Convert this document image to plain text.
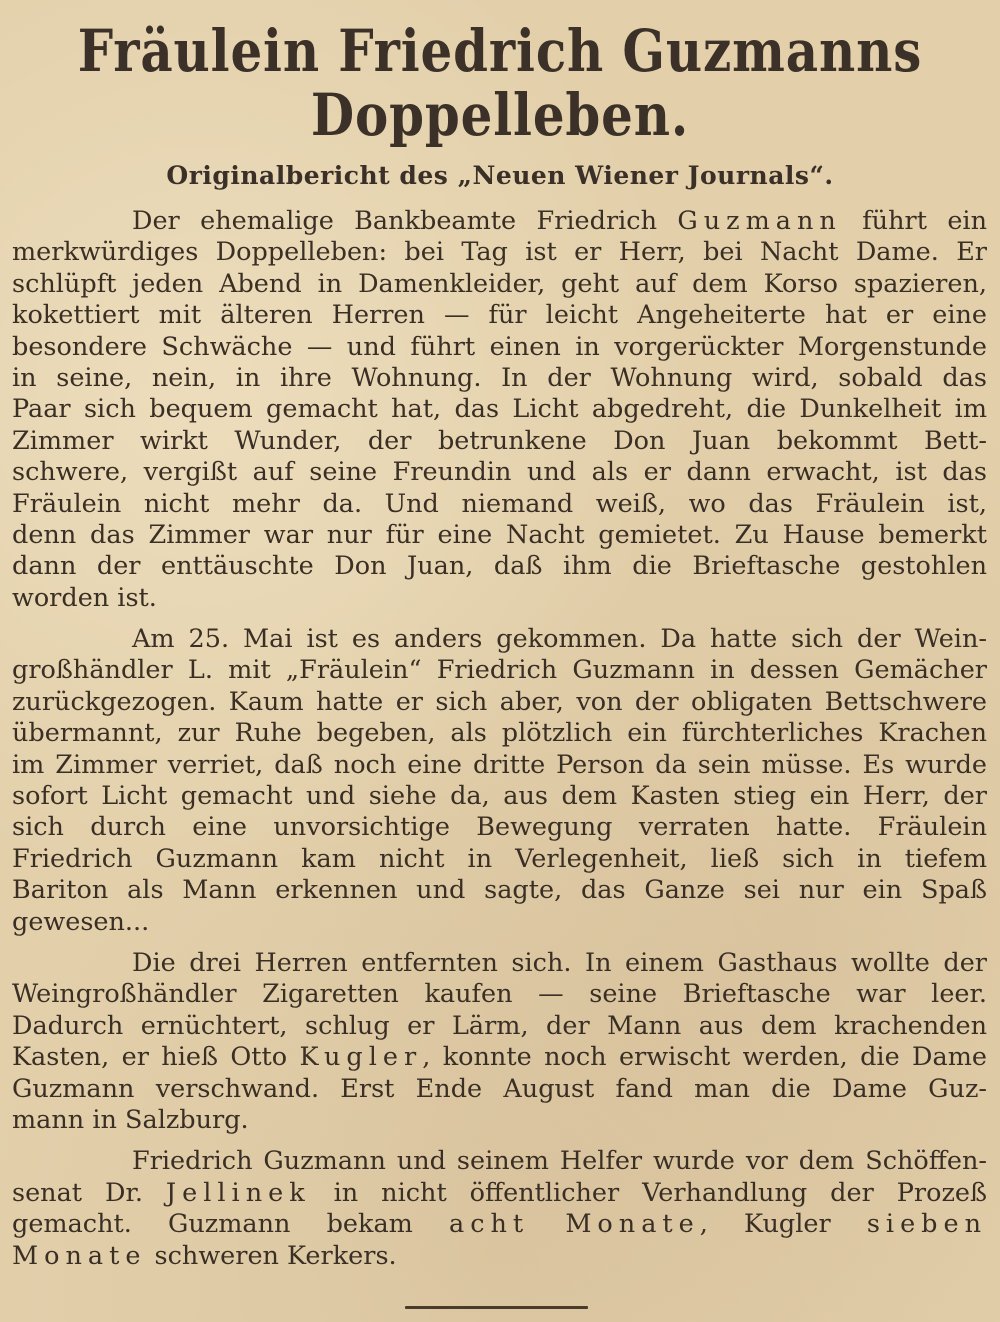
Fräulein Friedrich Guzmanns
Doppelleben.
Originalbericht des „Neuen Wiener Journals“.
Der ehemalige Bankbeamte Friedrich Guzmann führt ein
merkwürdiges Doppelleben: bei Tag ist er Herr, bei Nacht Dame. Er
schlüpft jeden Abend in Damenkleider, geht auf dem Korso spazieren,
kokettiert mit älteren Herren — für leicht Angeheiterte hat er eine
besondere Schwäche — und führt einen in vorgerückter Morgenstunde
in seine, nein, in ihre Wohnung. In der Wohnung wird, sobald das
Paar sich bequem gemacht hat, das Licht abgedreht, die Dunkelheit im
Zimmer wirkt Wunder, der betrunkene Don Juan bekommt Bett-
schwere, vergißt auf seine Freundin und als er dann erwacht, ist das
Fräulein nicht mehr da. Und niemand weiß, wo das Fräulein ist,
denn das Zimmer war nur für eine Nacht gemietet. Zu Hause bemerkt
dann der enttäuschte Don Juan, daß ihm die Brieftasche gestohlen
worden ist.
Am 25. Mai ist es anders gekommen. Da hatte sich der Wein-
großhändler L. mit „Fräulein“ Friedrich Guzmann in dessen Gemächer
zurückgezogen. Kaum hatte er sich aber, von der obligaten Bettschwere
übermannt, zur Ruhe begeben, als plötzlich ein fürchterliches Krachen
im Zimmer verriet, daß noch eine dritte Person da sein müsse. Es wurde
sofort Licht gemacht und siehe da, aus dem Kasten stieg ein Herr, der
sich durch eine unvorsichtige Bewegung verraten hatte. Fräulein
Friedrich Guzmann kam nicht in Verlegenheit, ließ sich in tiefem
Bariton als Mann erkennen und sagte, das Ganze sei nur ein Spaß
gewesen...
Die drei Herren entfernten sich. In einem Gasthaus wollte der
Weingroßhändler Zigaretten kaufen — seine Brieftasche war leer.
Dadurch ernüchtert, schlug er Lärm, der Mann aus dem krachenden
Kasten, er hieß Otto Kugler, konnte noch erwischt werden, die Dame
Guzmann verschwand. Erst Ende August fand man die Dame Guz-
mann in Salzburg.
Friedrich Guzmann und seinem Helfer wurde vor dem Schöffen-
senat Dr. Jellinek in nicht öffentlicher Verhandlung der Prozeß
gemacht. Guzmann bekam acht Monate, Kugler sieben
Monate schweren Kerkers.
